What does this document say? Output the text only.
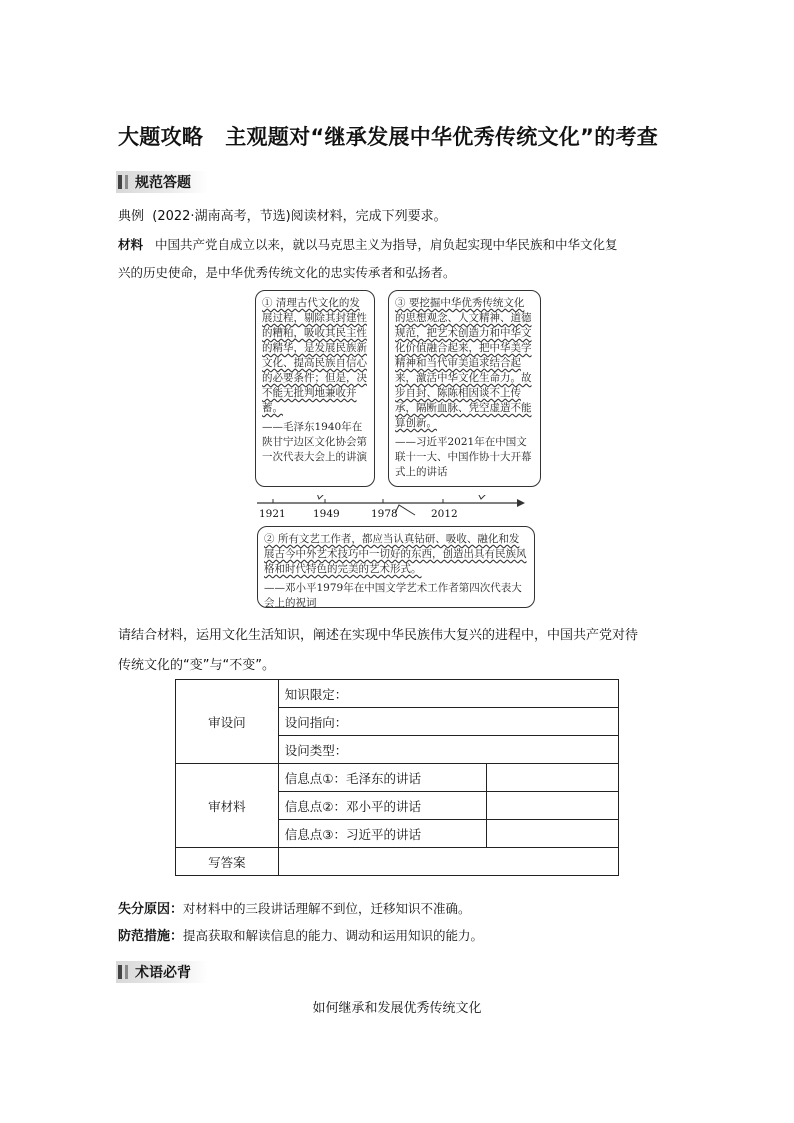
大题攻略 主观题对“继承发展中华优秀传统文化”的考查
规范答题
典例 (2022·湖南高考，节选)阅读材料，完成下列要求。
材料 中国共产党自成立以来，就以马克思主义为指导，肩负起实现中华民族和中华文化复
兴的历史使命，是中华优秀传统文化的忠实传承者和弘扬者。
① 清理古代文化的发展过程，剔除其封建性的糟粕，吸收其民主性的精华，是发展民族新文化、提高民族自信心的必要条件；但是，决不能无批判地兼收并蓄。
——毛泽东1940年在陕甘宁边区文化协会第一次代表大会上的讲演
③ 要挖掘中华优秀传统文化的思想观念、人文精神、道德规范，把艺术创造力和中华文化价值融合起来，把中华美学精神和当代审美追求结合起来，激活中华文化生命力。故步自封、陈陈相因谈不上传承，隔断血脉、凭空虚造不能算创新。
——习近平2021年在中国文联十一大、中国作协十大开幕式上的讲话
1921	1949	1978	2012
② 所有文艺工作者，都应当认真钻研、吸收、融化和发展古今中外艺术技巧中一切好的东西，创造出具有民族风格和时代特色的完美的艺术形式。
——邓小平1979年在中国文学艺术工作者第四次代表大会上的祝词
请结合材料，运用文化生活知识，阐述在实现中华民族伟大复兴的进程中，中国共产党对待
传统文化的“变”与“不变”。
审设问	知识限定：	
	设问指向：	
	设问类型：	
审材料	信息点①：毛泽东的讲话	
	信息点②：邓小平的讲话	
	信息点③：习近平的讲话	
写答案		
失分原因：对材料中的三段讲话理解不到位，迁移知识不准确。
防范措施：提高获取和解读信息的能力、调动和运用知识的能力。
术语必背
如何继承和发展优秀传统文化
